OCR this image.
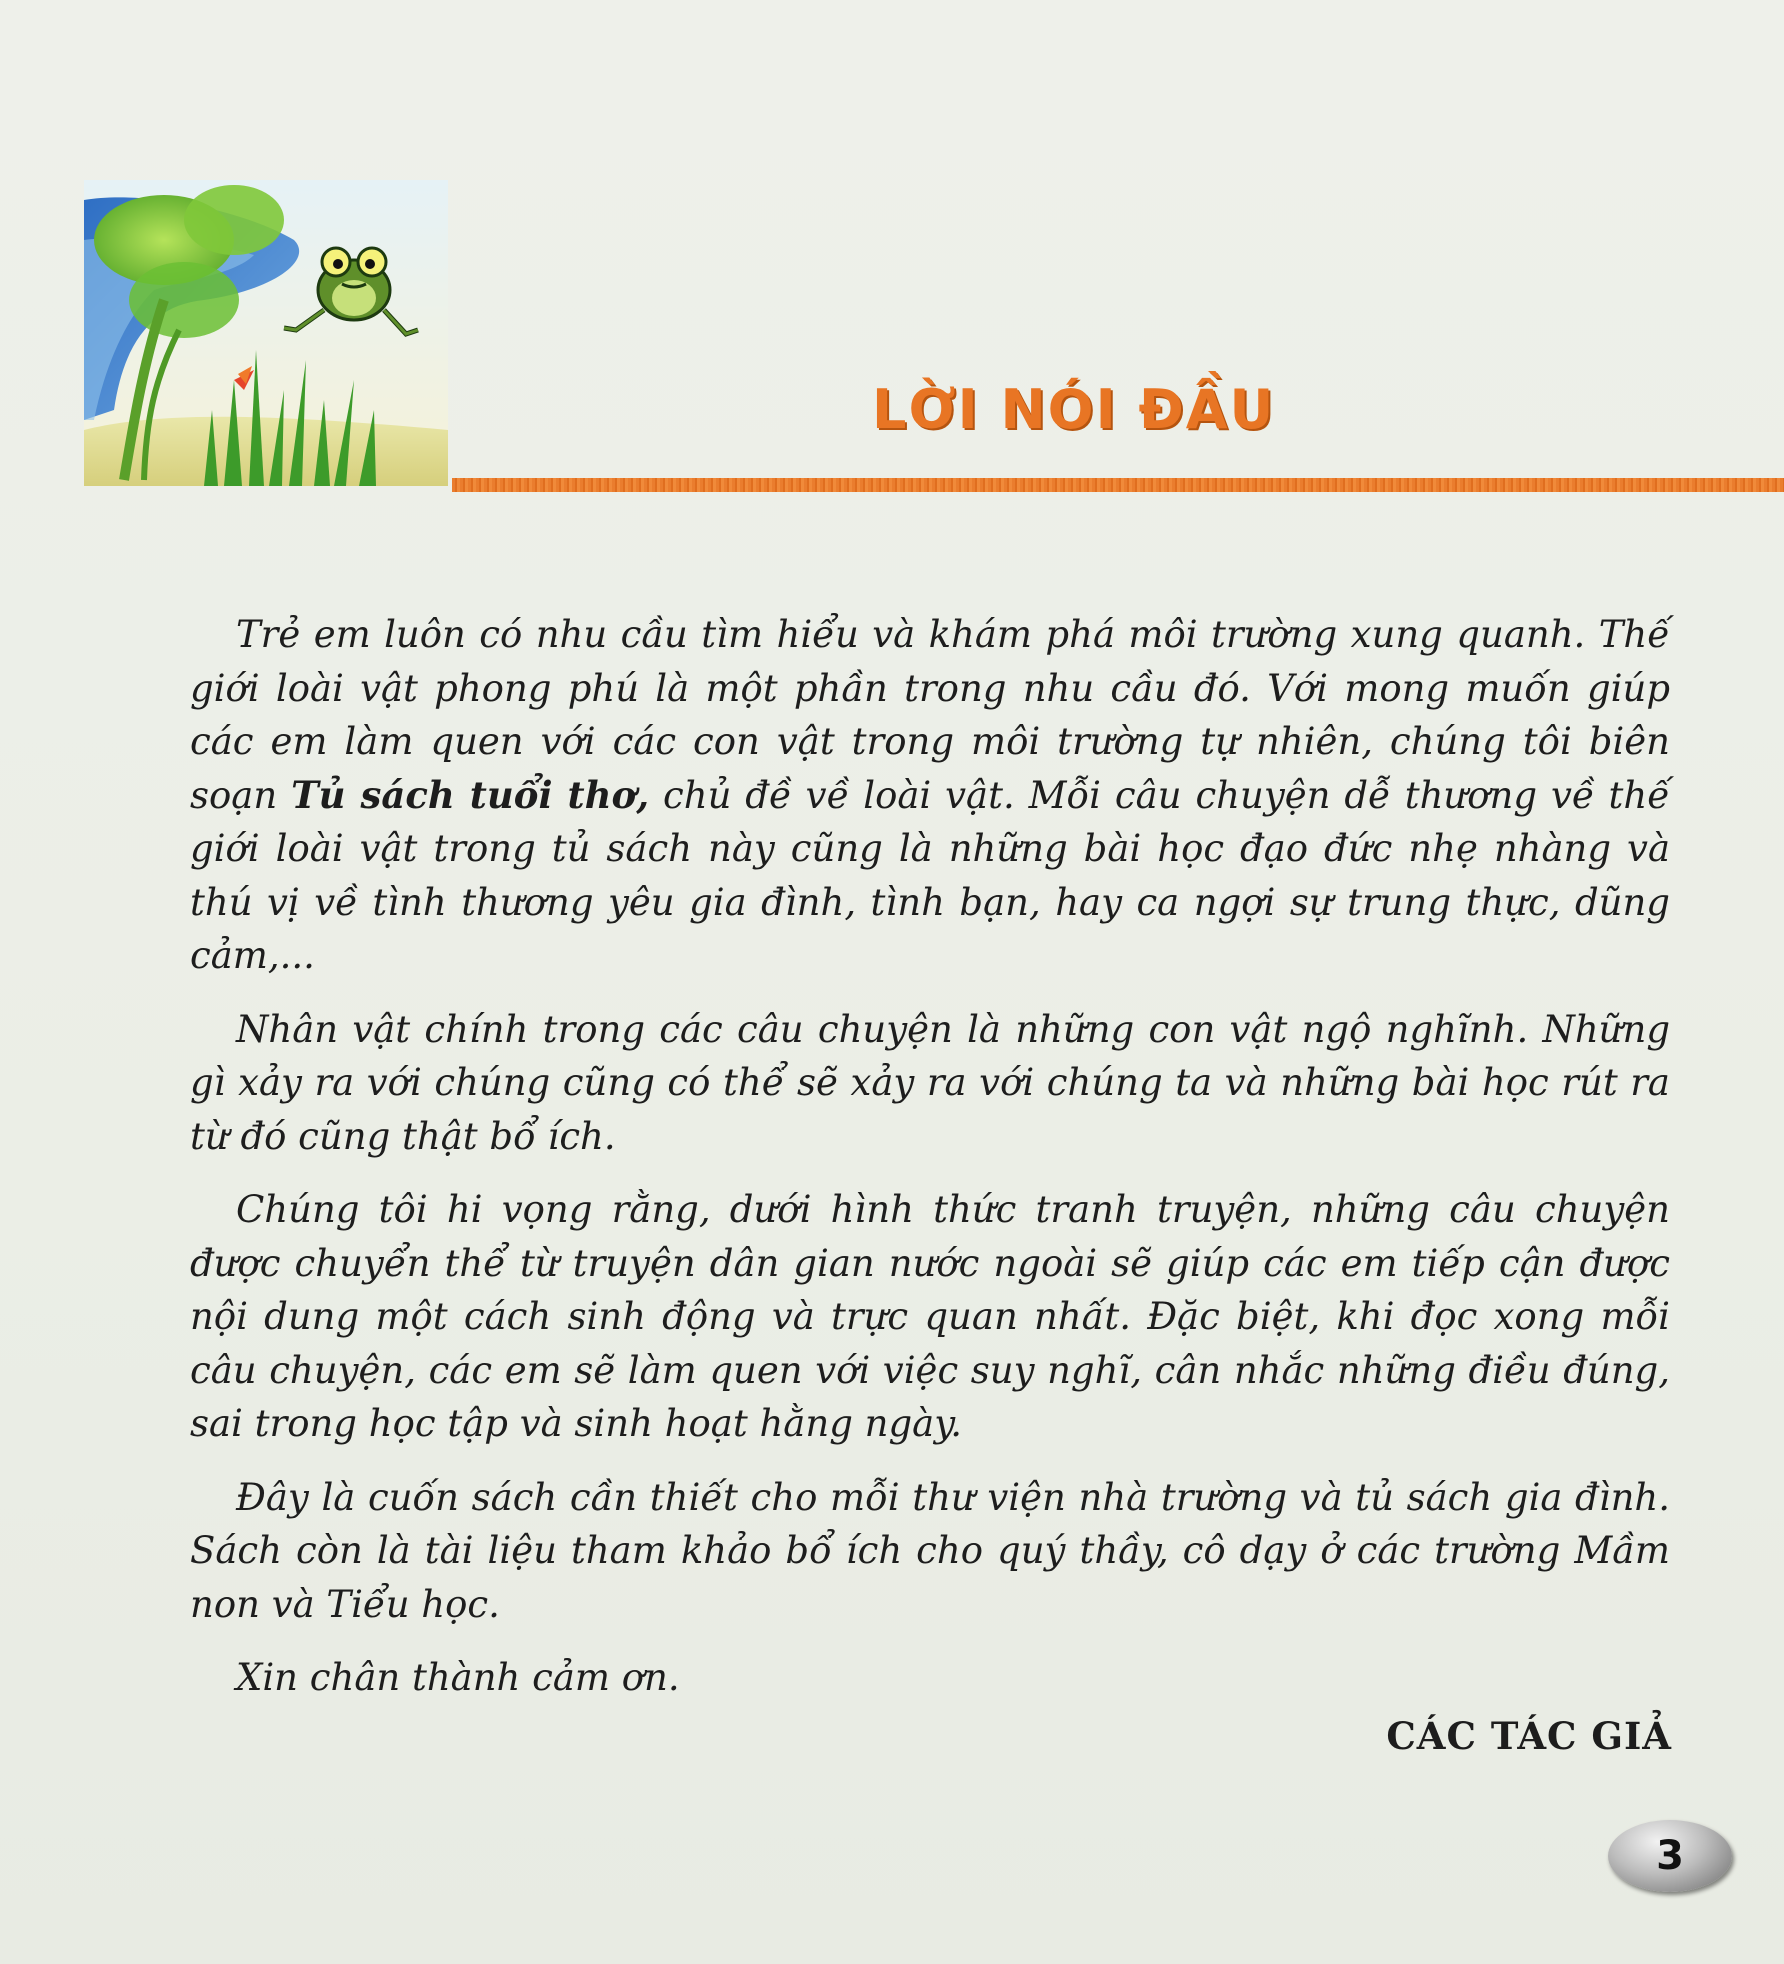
LỜI NÓI ĐẦU

Trẻ em luôn có nhu cầu tìm hiểu và khám phá môi trường xung quanh. Thế giới loài vật phong phú là một phần trong nhu cầu đó. Với mong muốn giúp các em làm quen với các con vật trong môi trường tự nhiên, chúng tôi biên soạn Tủ sách tuổi thơ, chủ đề về loài vật. Mỗi câu chuyện dễ thương về thế giới loài vật trong tủ sách này cũng là những bài học đạo đức nhẹ nhàng và thú vị về tình thương yêu gia đình, tình bạn, hay ca ngợi sự trung thực, dũng cảm,...

Nhân vật chính trong các câu chuyện là những con vật ngộ nghĩnh. Những gì xảy ra với chúng cũng có thể sẽ xảy ra với chúng ta và những bài học rút ra từ đó cũng thật bổ ích.

Chúng tôi hi vọng rằng, dưới hình thức tranh truyện, những câu chuyện được chuyển thể từ truyện dân gian nước ngoài sẽ giúp các em tiếp cận được nội dung một cách sinh động và trực quan nhất. Đặc biệt, khi đọc xong mỗi câu chuyện, các em sẽ làm quen với việc suy nghĩ, cân nhắc những điều đúng, sai trong học tập và sinh hoạt hằng ngày.

Đây là cuốn sách cần thiết cho mỗi thư viện nhà trường và tủ sách gia đình. Sách còn là tài liệu tham khảo bổ ích cho quý thầy, cô dạy ở các trường Mầm non và Tiểu học.

Xin chân thành cảm ơn.

CÁC TÁC GIẢ
3
